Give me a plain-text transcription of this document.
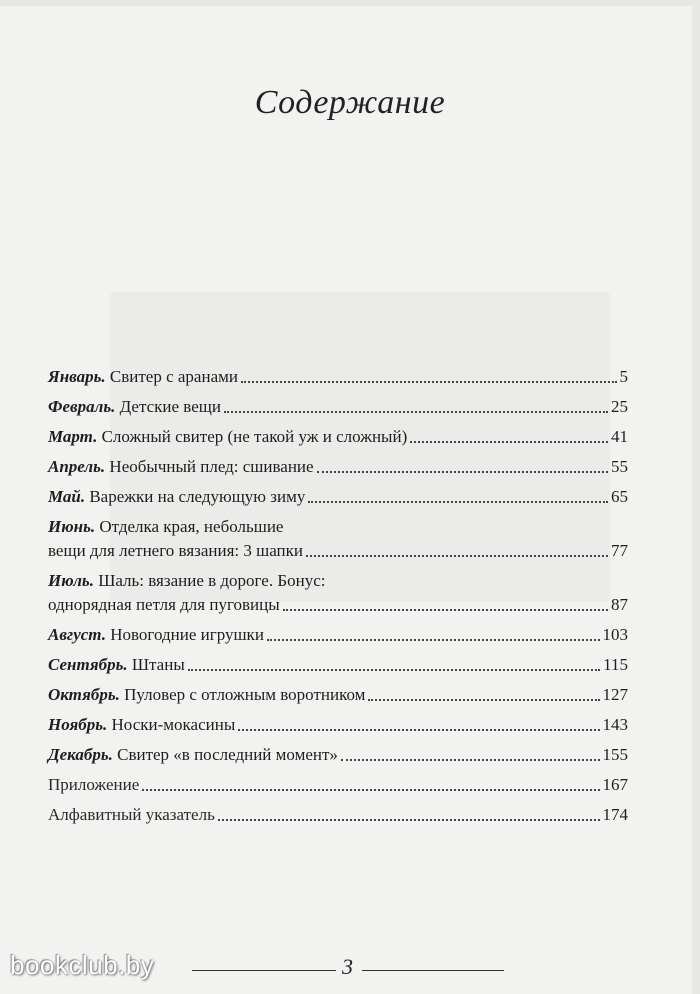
Содержание
Январь. Свитер с аранами	5
Февраль. Детские вещи	25
Март. Сложный свитер (не такой уж и сложный)	41
Апрель. Необычный плед: сшивание	55
Май. Варежки на следующую зиму	65
Июнь. Отделка края, небольшие
вещи для летнего вязания: 3 шапки	77
Июль. Шаль: вязание в дороге. Бонус:
однорядная петля для пуговицы	87
Август. Новогодние игрушки	103
Сентябрь. Штаны	115
Октябрь. Пуловер с отложным воротником	127
Ноябрь. Носки-мокасины	143
Декабрь. Свитер «в последний момент»	155
Приложение	167
Алфавитный указатель	174
3
bookclub.by
